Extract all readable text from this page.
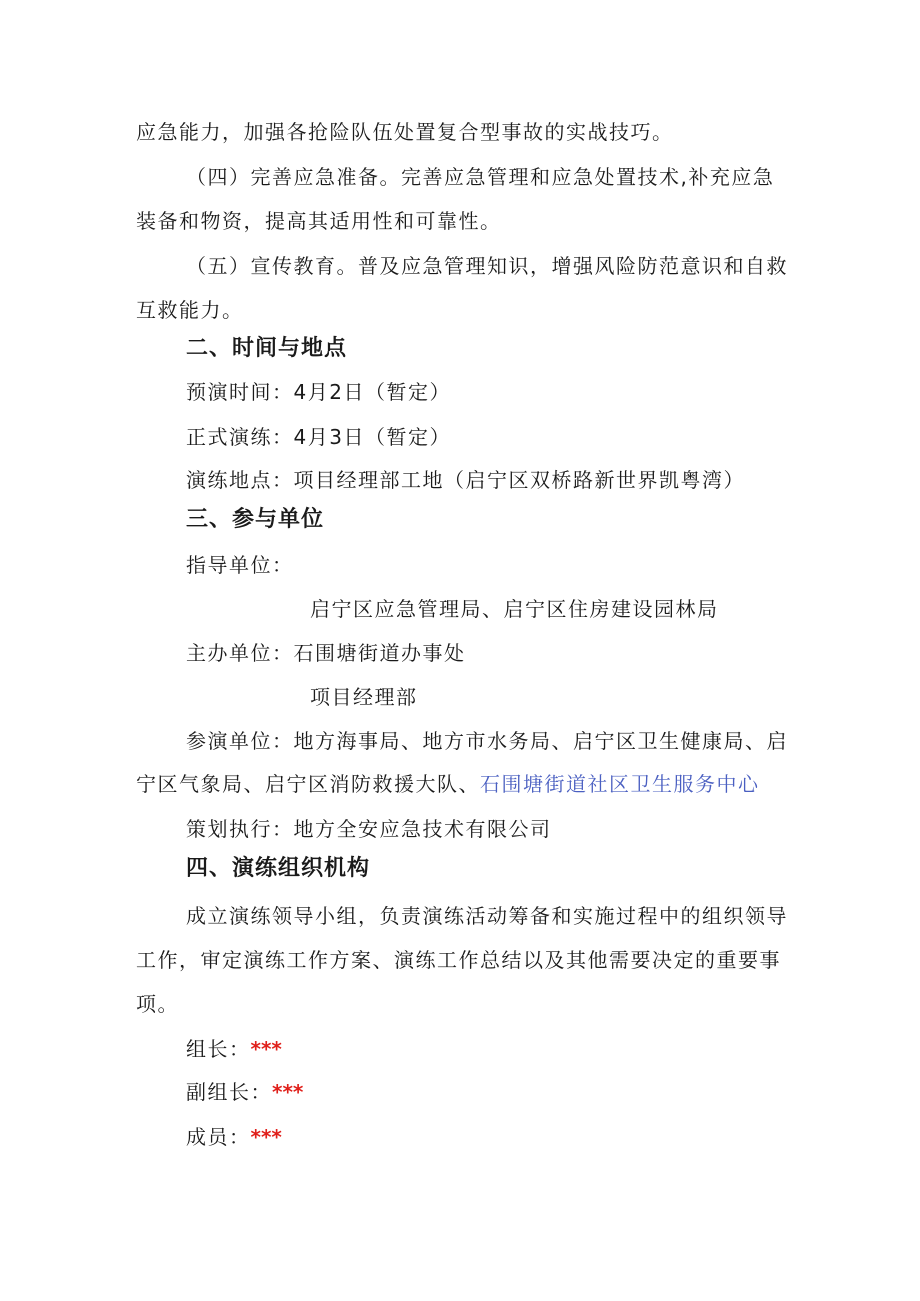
应急能力，加强各抢险队伍处置复合型事故的实战技巧。
（四）完善应急准备。完善应急管理和应急处置技术,补充应急
装备和物资，提高其适用性和可靠性。
（五）宣传教育。普及应急管理知识，增强风险防范意识和自救
互救能力。
二、时间与地点
预演时间：4月2日（暂定）
正式演练：4月3日（暂定）
演练地点：项目经理部工地（启宁区双桥路新世界凯粤湾）
三、参与单位
指导单位：
启宁区应急管理局、启宁区住房建设园林局
主办单位：石围塘街道办事处
项目经理部
参演单位：地方海事局、地方市水务局、启宁区卫生健康局、启
宁区气象局、启宁区消防救援大队、石围塘街道社区卫生服务中心
策划执行：地方全安应急技术有限公司
四、演练组织机构
成立演练领导小组，负责演练活动筹备和实施过程中的组织领导
工作，审定演练工作方案、演练工作总结以及其他需要决定的重要事
项。
组长：***
副组长：***
成员：***
